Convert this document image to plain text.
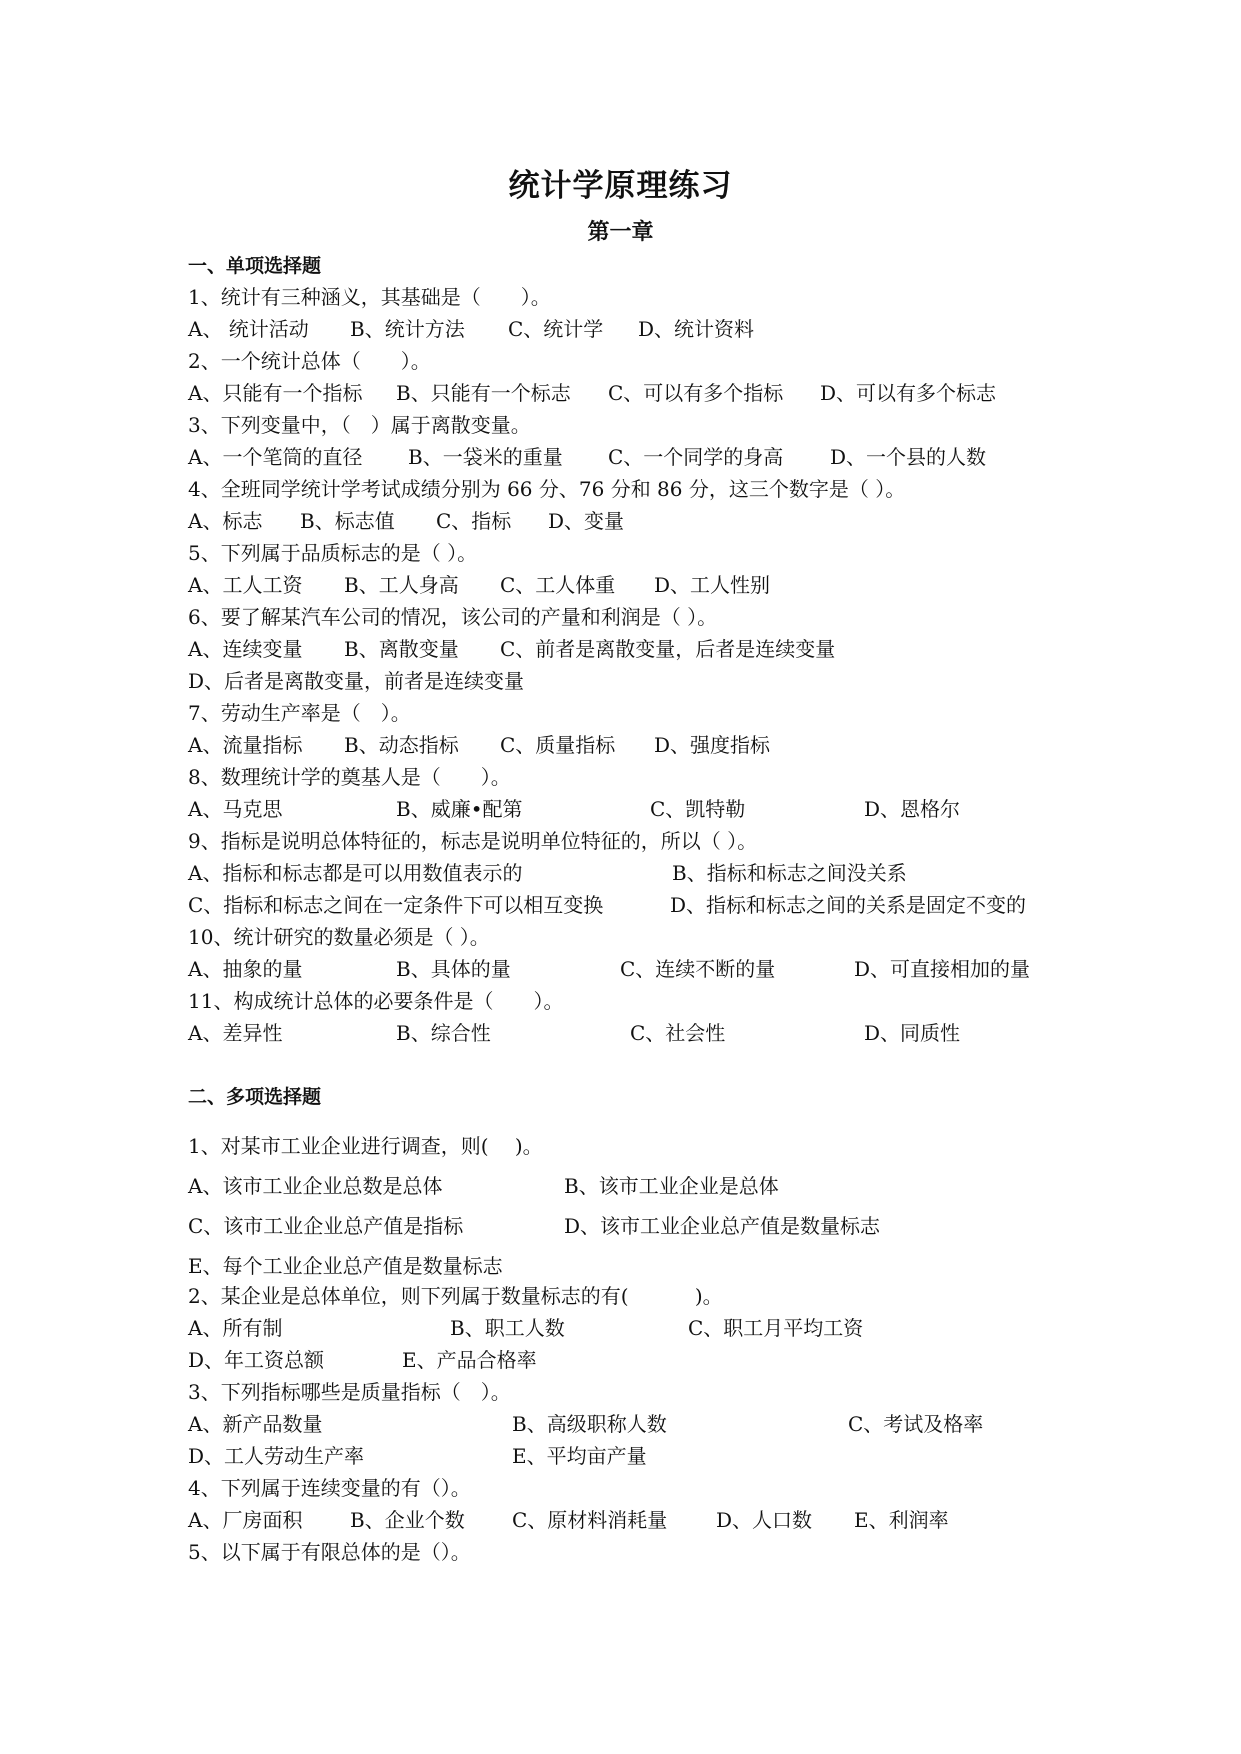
统计学原理练习
第一章
一、单项选择题
1、统计有三种涵义，其基础是（　　）。
A、 统计活动 B、统计方法 C、统计学 D、统计资料
2、一个统计总体（　　）。
A、只能有一个指标 B、只能有一个标志 C、可以有多个指标 D、可以有多个标志
3、下列变量中，（　）属于离散变量。
A、一个笔筒的直径 B、一袋米的重量 C、一个同学的身高 D、一个县的人数
4、全班同学统计学考试成绩分别为 66 分、76 分和 86 分，这三个数字是（ ）。
A、标志 B、标志值 C、指标 D、变量
5、下列属于品质标志的是（ ）。
A、工人工资 B、工人身高 C、工人体重 D、工人性别
6、要了解某汽车公司的情况，该公司的产量和利润是（ ）。
A、连续变量 B、离散变量 C、前者是离散变量，后者是连续变量
D、后者是离散变量，前者是连续变量
7、劳动生产率是（　）。
A、流量指标 B、动态指标 C、质量指标 D、强度指标
8、数理统计学的奠基人是（　　）。
A、马克思	B、威廉•配第	C、凯特勒	D、恩格尔
9、指标是说明总体特征的，标志是说明单位特征的，所以（ ）。
A、指标和标志都是可以用数值表示的	B、指标和标志之间没关系
C、指标和标志之间在一定条件下可以相互变换	D、指标和标志之间的关系是固定不变的
10、统计研究的数量必须是（ ）。
A、抽象的量	B、具体的量	C、连续不断的量	D、可直接相加的量
11、构成统计总体的必要条件是（　　）。
A、差异性	B、综合性	C、社会性	D、同质性
二、多项选择题
1、对某市工业企业进行调查，则(　 )。
A、该市工业企业总数是总体	B、该市工业企业是总体
C、该市工业企业总产值是指标	D、该市工业企业总产值是数量标志
E、每个工业企业总产值是数量标志
2、某企业是总体单位，则下列属于数量标志的有(　　　 )。
A、所有制	B、职工人数	C、职工月平均工资
D、年工资总额	E、产品合格率
3、下列指标哪些是质量指标（　）。
A、新产品数量	B、高级职称人数	C、考试及格率
D、工人劳动生产率	E、平均亩产量
4、下列属于连续变量的有（）。
A、厂房面积 B、企业个数 C、原材料消耗量 D、人口数 E、利润率
5、以下属于有限总体的是（）。
